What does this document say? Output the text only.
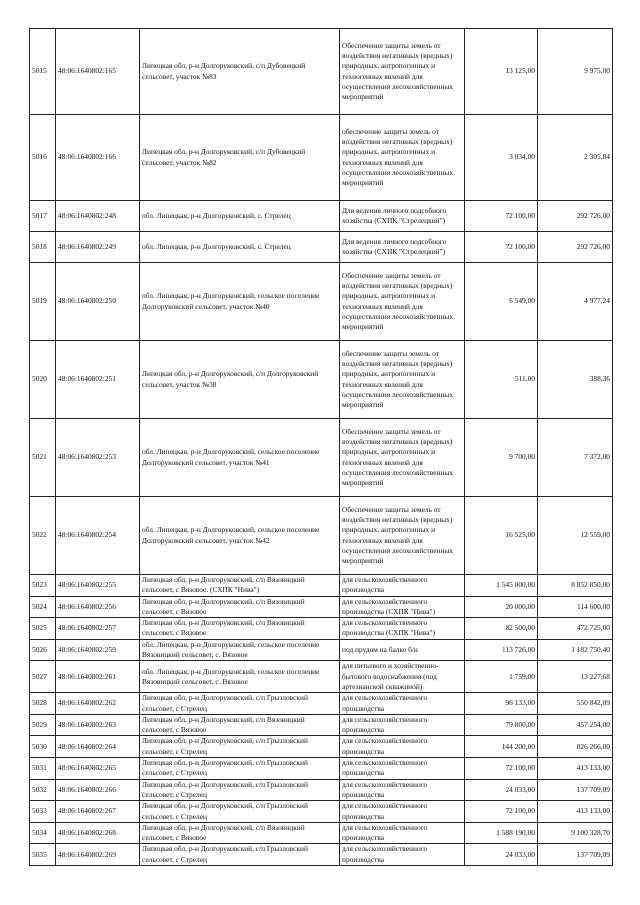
5015	48:06:1640802:165	Липецкая обл, р-н Долгоруковский, с/п Дубовецкий сельсовет, участок №83	Обеспечение защиты земель от воздействия негативных (вредных) природных, антропогенных и техногенных явлений для осуществления лесохозяйственных мероприятий	13 125,00	9 975,00
5016	48:06:1640802:166	Липецкая обл, р-н Долгоруковский, с/п Дубовецкий сельсовет, участок №82	обеспечение защиты земель от воздействия негативных (вредных) природных, антропогенных и техногенных явлений для осуществления лесохозяйственных мероприятий	3 034,00	2 305,84
5017	48:06:1640802:248	обл. Липецкая, р-н Долгоруковский, с. Стрелец	Для ведения личного подсобного хозяйства (СХПК "Стрелецкий")	72 100,00	292 726,00
5018	48:06:1640802:249	обл. Липецкая, р-н Долгоруковский, с. Стрелец	Для ведения личного подсобного хозяйства (СХПК "Стрелецкий")	72 100,00	292 726,00
5019	48:06:1640802:250	обл. Липецкая, р-н Долгоруковский, сельское поселение Долгоруковский сельсовет, участок №40	Обеспечение защиты земель от воздействия негативных (вредных) природных, антропогенных и техногенных явлений для осуществления лесохозяйственных мероприятий	6 549,00	4 977,24
5020	48:06:1640802:251	Липецкая обл, р-н Долгоруковский, с/п Долгоруковский сельсовет, участок №38	обеспечение защиты земель от воздействия негативных (вредных) природных, антропогенных и техногенных явлений для осуществления лесохозяйственных мероприятий	511,00	388,36
5021	48:06:1640802:253	обл. Липецкая, р-н Долгоруковский, сельское поселение Долгоруковский сельсовет, участок №41	Обеспечение защиты земель от воздействия негативных (вредных) природных, антропогенных и техногенных явлений для осуществления лесохозяйственных мероприятий	9 700,00	7 372,00
5022	48:06:1640802:254	обл. Липецкая, р-н Долгоруковский, сельское поселение Долгоруковский сельсовет, участок №42	Обеспечение защиты земель от воздействия негативных (вредных) природных, антропогенных и техногенных явлений для осуществления лесохозяйственных мероприятий	16 525,00	12 559,00
5023	48:06:1640802:255	Липецкая обл, р-н Долгоруковский, с/п Вязовицкий сельсовет, с Вязовое. (СХПК "Нива")	для сельскохозяйственного производства	1 545 000,00	8 852 850,00
5024	48:06:1640802:256	Липецкая обл, р-н Долгоруковский, с/п Вязовицкий сельсовет, с Вязовое	для сельскохозяйственного производства (СХПК "Нива")	20 000,00	114 600,00
5025	48:06:1640802:257	Липецкая обл, р-н Долгоруковский, с/п Вязовицкий сельсовет, с Вязовое	для сельскохозяйственного производства (СХПК "Нива")	82 500,00	472 725,00
5026	48:06:1640802:259	обл. Липецкая, р-н Долгоруковский, сельское поселение Вязовицкий сельсовет, с. Вязовое	под прудом на балке б/н	113 726,00	1 182 750,40
5027	48:06:1640802:261	обл. Липецкая, р-н Долгоруковский, сельское поселение Вязовицкий сельсовет, с. Вязовое	для питьевого и хозяйственно-бытового водоснабжения (под артезианской скважиной)	1 759,00	13 227,68
5028	48:06:1640802:262	Липецкая обл, р-н Долгоруковский, с/п Грызловский сельсовет, с Стрелец	для сельскохозяйственного производства	96 133,00	550 842,09
5029	48:06:1640802:263	Липецкая обл, р-н Долгоруковский, с/п Вязовицкий сельсовет, с Вязовое	для сельскохозяйственного производства	79 800,00	457 254,00
5030	48:06:1640802:264	Липецкая обл, р-н Долгоруковский, с/п Грызловский сельсовет, с Стрелец	для сельскохозяйственного производства	144 200,00	826 266,00
5031	48:06:1640802:265	Липецкая обл, р-н Долгоруковский, с/п Грызловский сельсовет, с Стрелец	для сельскохозяйственного производства	72 100,00	413 133,00
5032	48:06:1640802:266	Липецкая обл, р-н Долгоруковский, с/п Грызловский сельсовет, с Стрелец	для сельскохозяйственного производства	24 033,00	137 709,09
5033	48:06:1640802:267	Липецкая обл, р-н Долгоруковский, с/п Грызловский сельсовет, с Стрелец	для сельскохозяйственного производства	72 100,00	413 133,00
5034	48:06:1640802:268	Липецкая обл, р-н Долгоруковский, с/п Вязовицкий сельсовет, с Вязовое	для сельскохозяйственного производства	1 588 190,00	9 100 328,70
5035	48:06:1640802:269	Липецкая обл, р-н Долгоруковский, с/п Грызловский сельсовет, с Стрелец	для сельскохозяйственного производства	24 033,00	137 709,09
